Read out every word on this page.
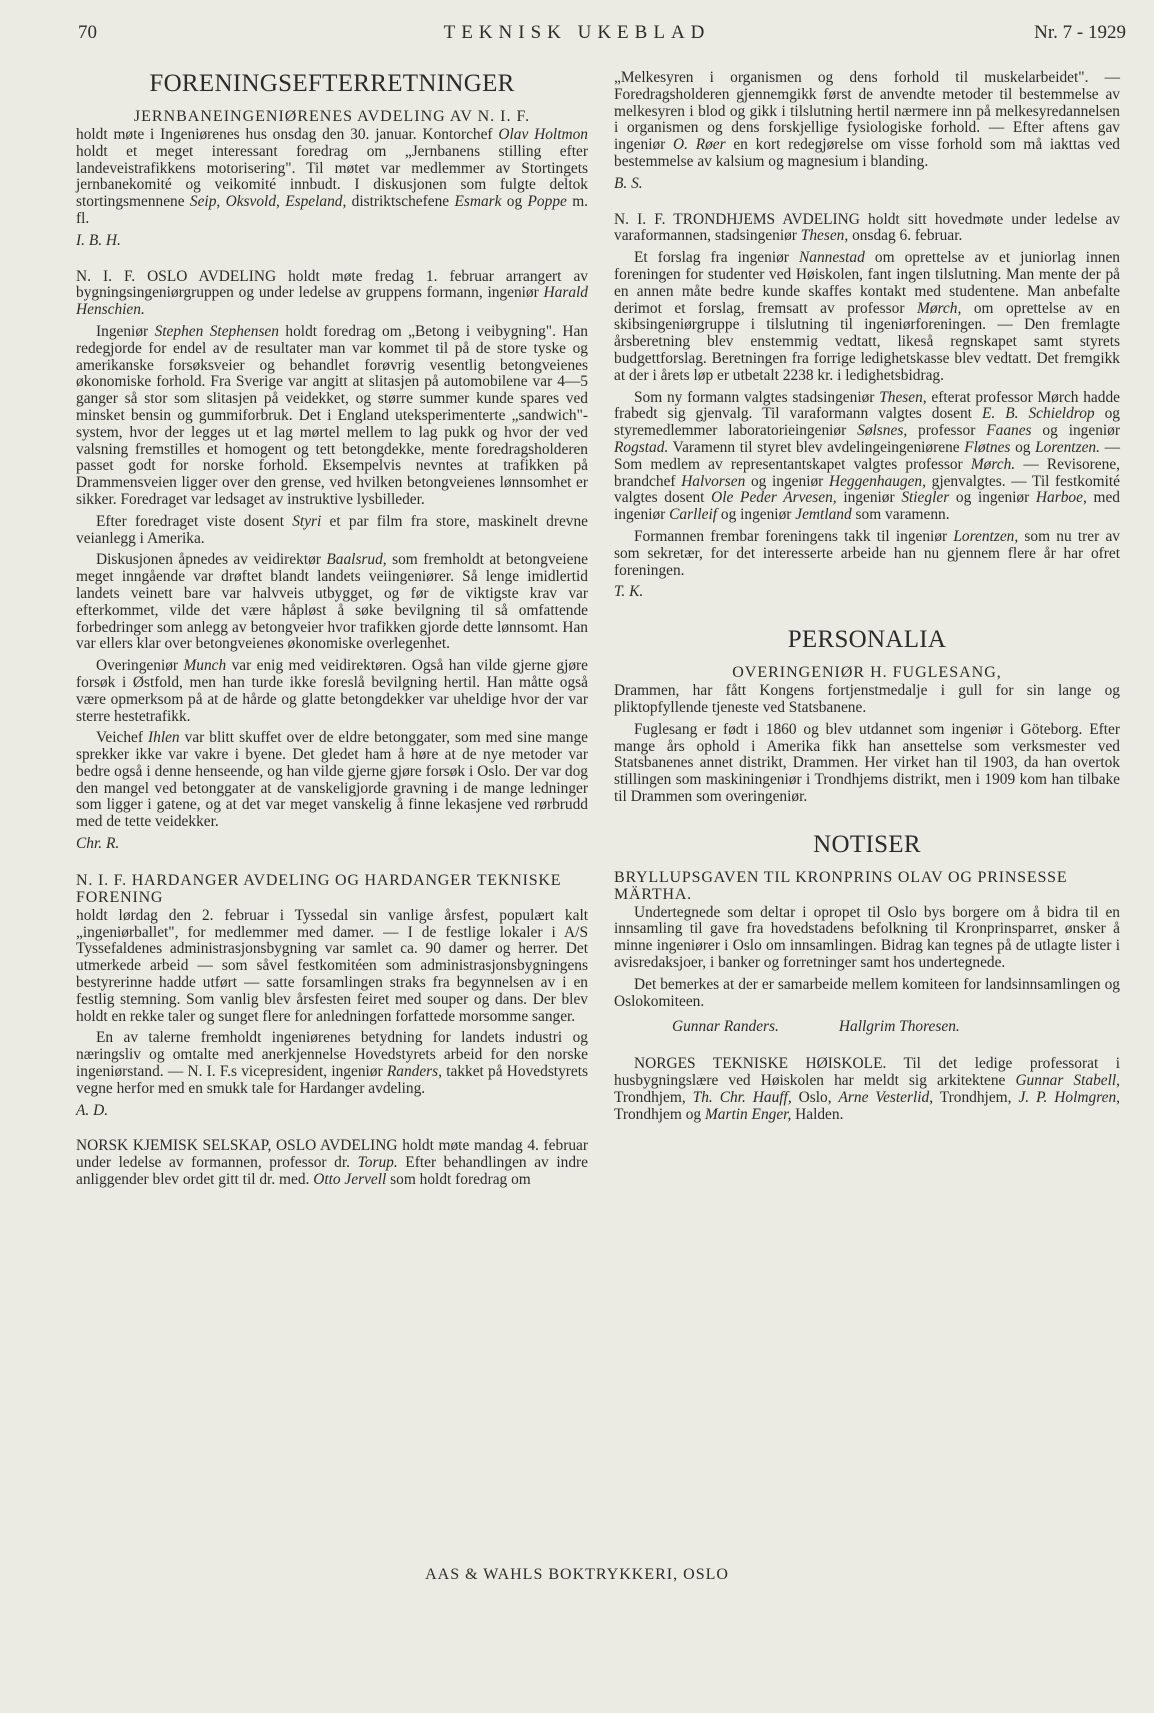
70	TEKNISK UKEBLAD	Nr. 7 - 1929
FORENINGSEFTERRETNINGER
JERNBANEINGENIØRENES AVDELING AV N. I. F.

holdt møte i Ingeniørenes hus onsdag den 30. januar. Kontorchef Olav Holtmon holdt et meget interessant foredrag om „Jernbanens stilling efter landeveistrafikkens motorisering". Til møtet var medlemmer av Stortingets jernbanekomité og veikomité innbudt. I diskusjonen som fulgte deltok stortingsmennene Seip, Oksvold, Espeland, distriktschefene Esmark og Poppe m. fl.

I. B. H.

N. I. F. OSLO AVDELING holdt møte fredag 1. februar arrangert av bygningsingeniørgruppen og under ledelse av gruppens formann, ingeniør Harald Henschien.

Ingeniør Stephen Stephensen holdt foredrag om „Betong i veibygning". Han redegjorde for endel av de resultater man var kommet til på de store tyske og amerikanske forsøksveier og behandlet forøvrig vesentlig betongveienes økonomiske forhold. Fra Sverige var angitt at slitasjen på automobilene var 4—5 ganger så stor som slitasjen på veidekket, og større summer kunde spares ved minsket bensin og gummiforbruk. Det i England uteksperimenterte „sandwich"- system, hvor der legges ut et lag mørtel mellem to lag pukk og hvor der ved valsning fremstilles et homogent og tett betongdekke, mente foredragsholderen passet godt for norske forhold. Eksempelvis nevntes at trafikken på Drammensveien ligger over den grense, ved hvilken betongveienes lønnsomhet er sikker. Foredraget var ledsaget av instruktive lysbilleder.

Efter foredraget viste dosent Styri et par film fra store, maskinelt drevne veianlegg i Amerika.

Diskusjonen åpnedes av veidirektør Baalsrud, som fremholdt at betongveiene meget inngående var drøftet blandt landets veiingeniører. Så lenge imidlertid landets veinett bare var halvveis utbygget, og før de viktigste krav var efterkommet, vilde det være håpløst å søke bevilgning til så omfattende forbedringer som anlegg av betongveier hvor trafikken gjorde dette lønnsomt. Han var ellers klar over betongveienes økonomiske overlegenhet.

Overingeniør Munch var enig med veidirektøren. Også han vilde gjerne gjøre forsøk i Østfold, men han turde ikke foreslå bevilgning hertil. Han måtte også være opmerksom på at de hårde og glatte betongdekker var uheldige hvor der var sterre hestetrafikk.

Veichef Ihlen var blitt skuffet over de eldre betonggater, som med sine mange sprekker ikke var vakre i byene. Det gledet ham å høre at de nye metoder var bedre også i denne henseende, og han vilde gjerne gjøre forsøk i Oslo. Der var dog den mangel ved betonggater at de vanskeligjorde gravning i de mange ledninger som ligger i gatene, og at det var meget vanskelig å finne lekasjene ved rørbrudd med de tette veidekker.

Chr. R.

N. I. F. HARDANGER AVDELING OG HARDANGER TEKNISKE FORENING

holdt lørdag den 2. februar i Tyssedal sin vanlige årsfest, populært kalt „ingeniørballet", for medlemmer med damer. — I de festlige lokaler i A/S Tyssefaldenes administrasjonsbygning var samlet ca. 90 damer og herrer. Det utmerkede arbeid — som såvel festkomitéen som administrasjonsbygningens bestyrerinne hadde utført — satte forsamlingen straks fra begynnelsen av i en festlig stemning. Som vanlig blev årsfesten feiret med souper og dans. Der blev holdt en rekke taler og sunget flere for anledningen forfattede morsomme sanger.

En av talerne fremholdt ingeniørenes betydning for landets industri og næringsliv og omtalte med anerkjennelse Hovedstyrets arbeid for den norske ingeniørstand. — N. I. F.s vicepresident, ingeniør Randers, takket på Hovedstyrets vegne herfor med en smukk tale for Hardanger avdeling.

A. D.

NORSK KJEMISK SELSKAP, OSLO AVDELING holdt møte mandag 4. februar under ledelse av formannen, professor dr. Torup. Efter behandlingen av indre anliggender blev ordet gitt til dr. med. Otto Jervell som holdt foredrag om

„Melkesyren i organismen og dens forhold til muskelarbeidet". — Foredragsholderen gjennemgikk først de anvendte metoder til bestemmelse av melkesyren i blod og gikk i tilslutning hertil nærmere inn på melkesyredannelsen i organismen og dens forskjellige fysiologiske forhold. — Efter aftens gav ingeniør O. Røer en kort redegjørelse om visse forhold som må iakttas ved bestemmelse av kalsium og magnesium i blanding.

B. S.

N. I. F. TRONDHJEMS AVDELING holdt sitt hovedmøte under ledelse av varaformannen, stadsingeniør Thesen, onsdag 6. februar.

Et forslag fra ingeniør Nannestad om oprettelse av et juniorlag innen foreningen for studenter ved Høiskolen, fant ingen tilslutning. Man mente der på en annen måte bedre kunde skaffes kontakt med studentene. Man anbefalte derimot et forslag, fremsatt av professor Mørch, om oprettelse av en skibsingeniørgruppe i tilslutning til ingeniørforeningen. — Den fremlagte årsberetning blev enstemmig vedtatt, likeså regnskapet samt styrets budgettforslag. Beretningen fra forrige ledighetskasse blev vedtatt. Det fremgikk at der i årets løp er utbetalt 2238 kr. i ledighetsbidrag.

Som ny formann valgtes stadsingeniør Thesen, efterat professor Mørch hadde frabedt sig gjenvalg. Til varaformann valgtes dosent E. B. Schieldrop og styremedlemmer laboratorieingeniør Sølsnes, professor Faanes og ingeniør Rogstad. Varamenn til styret blev avdelingeingeniørene Fløtnes og Lorentzen. — Som medlem av representantskapet valgtes professor Mørch. — Revisorene, brandchef Halvorsen og ingeniør Heggenhaugen, gjenvalgtes. — Til festkomité valgtes dosent Ole Peder Arvesen, ingeniør Stiegler og ingeniør Harboe, med ingeniør Carlleif og ingeniør Jemtland som varamenn.

Formannen frembar foreningens takk til ingeniør Lorentzen, som nu trer av som sekretær, for det interesserte arbeide han nu gjennem flere år har ofret foreningen.

T. K.

PERSONALIA
OVERINGENIØR H. FUGLESANG,

Drammen, har fått Kongens fortjenstmedalje i gull for sin lange og pliktopfyllende tjeneste ved Statsbanene.

Fuglesang er født i 1860 og blev utdannet som ingeniør i Göteborg. Efter mange års ophold i Amerika fikk han ansettelse som verksmester ved Statsbanenes annet distrikt, Drammen. Her virket han til 1903, da han overtok stillingen som maskiningeniør i Trondhjems distrikt, men i 1909 kom han tilbake til Drammen som overingeniør.

NOTISER
BRYLLUPSGAVEN TIL KRONPRINS OLAV OG PRINSESSE MÄRTHA.

Undertegnede som deltar i opropet til Oslo bys borgere om å bidra til en innsamling til gave fra hovedstadens befolkning til Kronprinsparret, ønsker å minne ingeniører i Oslo om innsamlingen. Bidrag kan tegnes på de utlagte lister i avisredaksjoer, i banker og forretninger samt hos undertegnede.

Det bemerkes at der er samarbeide mellem komiteen for landsinnsamlingen og Oslokomiteen.

Gunnar Randers.	Hallgrim Thoresen.

NORGES TEKNISKE HØISKOLE. Til det ledige professorat i husbygningslære ved Høiskolen har meldt sig arkitektene Gunnar Stabell, Trondhjem, Th. Chr. Hauff, Oslo, Arne Vesterlid, Trondhjem, J. P. Holmgren, Trondhjem og Martin Enger, Halden.

AAS & WAHLS BOKTRYKKERI, OSLO
